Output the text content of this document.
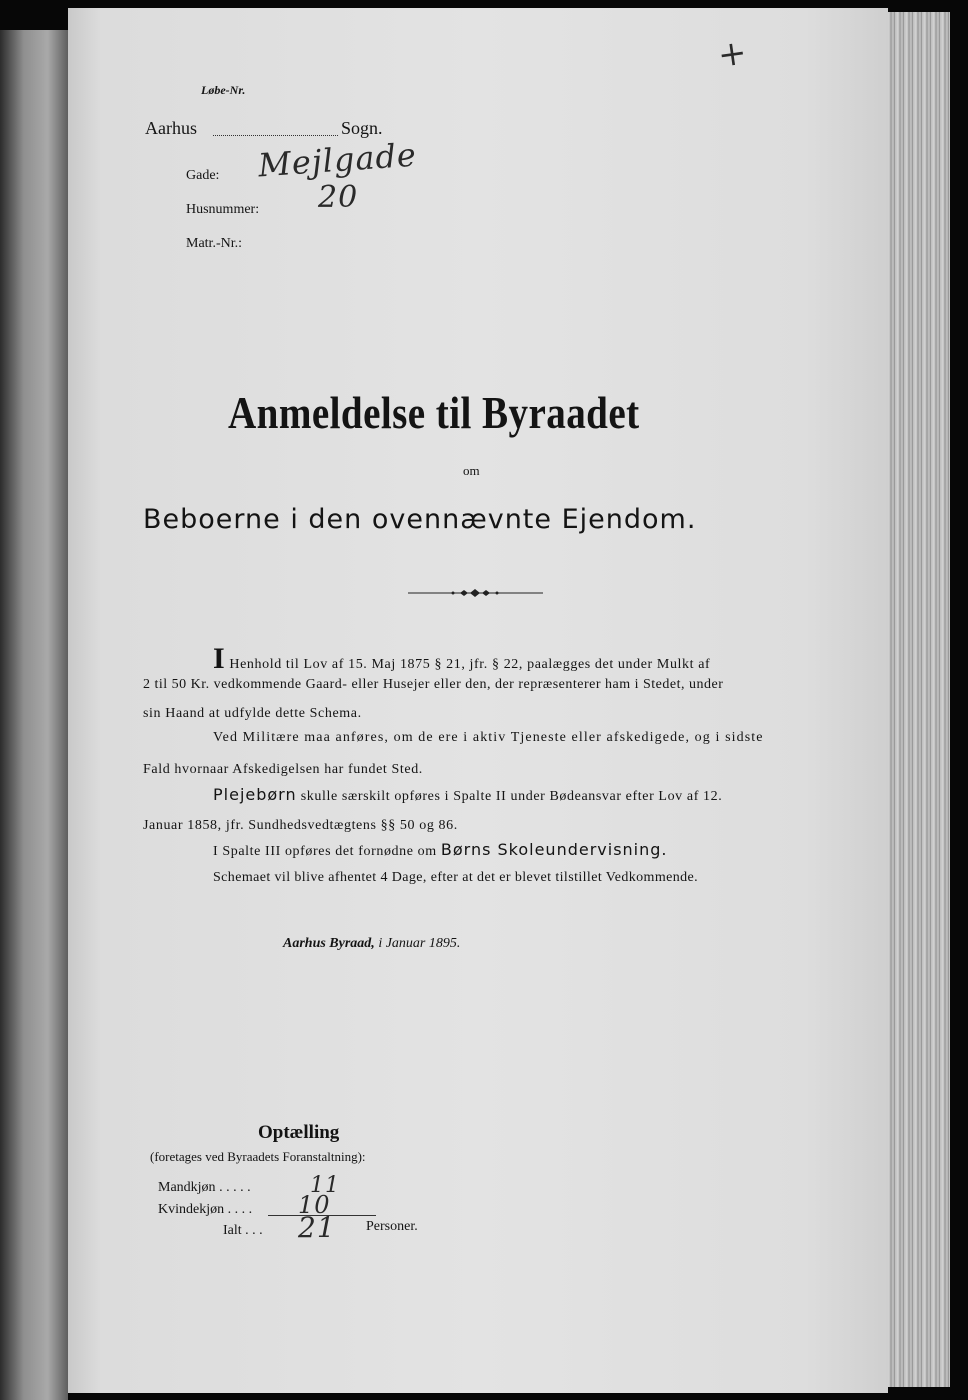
+
Løbe-Nr.
Aarhus	Sogn.
Gade: Mejlgade
Husnummer: 20
Matr.-Nr.:
Anmeldelse til Byraadet
om
Beboerne i den ovennævnte Ejendom.
I Henhold til Lov af 15. Maj 1875 § 21, jfr. § 22, paalægges det under Mulkt af
2 til 50 Kr. vedkommende Gaard- eller Husejer eller den, der repræsenterer ham i Stedet, under
sin Haand at udfylde dette Schema.
Ved Militære maa anføres, om de ere i aktiv Tjeneste eller afskedigede, og i sidste
Fald hvornaar Afskedigelsen har fundet Sted.
Plejebørn skulle særskilt opføres i Spalte II under Bødeansvar efter Lov af 12.
Januar 1858, jfr. Sundhedsvedtægtens §§ 50 og 86.
I Spalte III opføres det fornødne om Børns Skoleundervisning.
Schemaet vil blive afhentet 4 Dage, efter at det er blevet tilstillet Vedkommende.
Aarhus Byraad, i Januar 1895.
Optælling
(foretages ved Byraadets Foranstaltning):
Mandkjøn . . . . .	11
Kvindekjøn . . . . 10
Ialt . . . 21 Personer.
